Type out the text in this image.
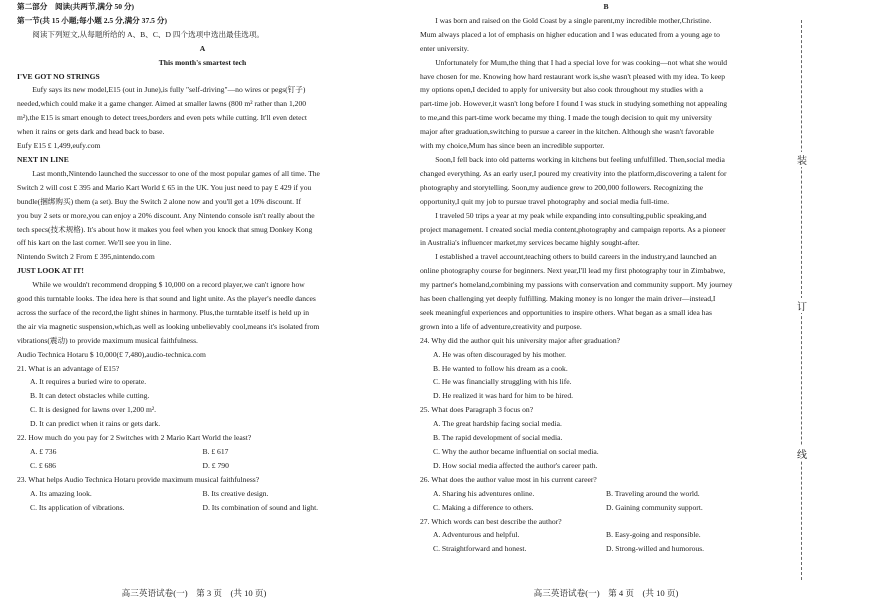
第二部分　阅读(共两节,满分 50 分)
第一节(共 15 小题;每小题 2.5 分,满分 37.5 分)
阅读下列短文,从每题所给的 A、B、C、D 四个选项中选出最佳选项。
A
This month's smartest tech
I'VE GOT NO STRINGS
Eufy says its new model,E15 (out in June),is fully "self-driving"—no wires or pegs(钉子)
needed,which could make it a game changer. Aimed at smaller lawns (800 m² rather than 1,200
m²),the E15 is smart enough to detect trees,borders and even pets while cutting. It'll even detect
when it rains or gets dark and head back to base.
Eufy E15 £ 1,499,eufy.com
NEXT IN LINE
Last month,Nintendo launched the successor to one of the most popular games of all time. The
Switch 2 will cost £ 395 and Mario Kart World £ 65 in the UK. You just need to pay £ 429 if you
bundle(捆绑购买) them (a set). Buy the Switch 2 alone now and you'll get a 10% discount. If
you buy 2 sets or more,you can enjoy a 20% discount. Any Nintendo console isn't really about the
tech specs(技术规格). It's about how it makes you feel when you knock that smug Donkey Kong
off his kart on the last corner. We'll see you in line.
Nintendo Switch 2 From £ 395,nintendo.com
JUST LOOK AT IT!
While we wouldn't recommend dropping $ 10,000 on a record player,we can't ignore how
good this turntable looks. The idea here is that sound and light unite. As the player's needle dances
across the surface of the record,the light shines in harmony. Plus,the turntable itself is held up in
the air via magnetic suspension,which,as well as looking unbelievably cool,means it's isolated from
vibrations(震动) to provide maximum musical faithfulness.
Audio Technica Hotaru $ 10,000(£ 7,480),audio-technica.com
21. What is an advantage of E15?
A. It requires a buried wire to operate.
B. It can detect obstacles while cutting.
C. It is designed for lawns over 1,200 m².
D. It can predict when it rains or gets dark.
22. How much do you pay for 2 Switches with 2 Mario Kart World the least?
A. £ 736	B. £ 617
C. £ 686	D. £ 790
23. What helps Audio Technica Hotaru provide maximum musical faithfulness?
A. Its amazing look.	B. Its creative design.
C. Its application of vibrations.	D. Its combination of sound and light.
高三英语试卷(一)　第 3 页　(共 10 页)
B
I was born and raised on the Gold Coast by a single parent,my incredible mother,Christine.
Mum always placed a lot of emphasis on higher education and I was educated from a young age to
enter university.
Unfortunately for Mum,the thing that I had a special love for was cooking—not what she would
have chosen for me. Knowing how hard restaurant work is,she wasn't pleased with my idea. To keep
my options open,I decided to apply for university but also cook throughout my studies with a
part-time job. However,it wasn't long before I found I was stuck in studying something not appealing
to me,and this part-time work became my thing. I made the tough decision to quit my university
major after graduation,switching to pursue a career in the kitchen. Although she wasn't favorable
with my choice,Mum has since been an incredible supporter.
Soon,I fell back into old patterns working in kitchens but feeling unfulfilled. Then,social media
changed everything. As an early user,I poured my creativity into the platform,discovering a talent for
photography and storytelling. Soon,my audience grew to 200,000 followers. Recognizing the
opportunity,I quit my job to pursue travel photography and social media full-time.
I traveled 50 trips a year at my peak while expanding into consulting,public speaking,and
project management. I created social media content,photography and campaign reports. As a pioneer
in Australia's influencer market,my services became highly sought-after.
I established a travel account,teaching others to build careers in the industry,and launched an
online photography course for beginners. Next year,I'll lead my first photography tour in Zimbabwe,
my partner's homeland,combining my passions with conservation and community support. My journey
has been challenging yet deeply fulfilling. Making money is no longer the main driver—instead,I
seek meaningful experiences and opportunities to inspire others. What began as a small idea has
grown into a life of adventure,creativity and purpose.
24. Why did the author quit his university major after graduation?
A. He was often discouraged by his mother.
B. He wanted to follow his dream as a cook.
C. He was financially struggling with his life.
D. He realized it was hard for him to be hired.
25. What does Paragraph 3 focus on?
A. The great hardship facing social media.
B. The rapid development of social media.
C. Why the author became influential on social media.
D. How social media affected the author's career path.
26. What does the author value most in his current career?
A. Sharing his adventures online.	B. Traveling around the world.
C. Making a difference to others.	D. Gaining community support.
27. Which words can best describe the author?
A. Adventurous and helpful.	B. Easy-going and responsible.
C. Straightforward and honest.	D. Strong-willed and humorous.
高三英语试卷(一)　第 4 页　(共 10 页)
装
订
线
